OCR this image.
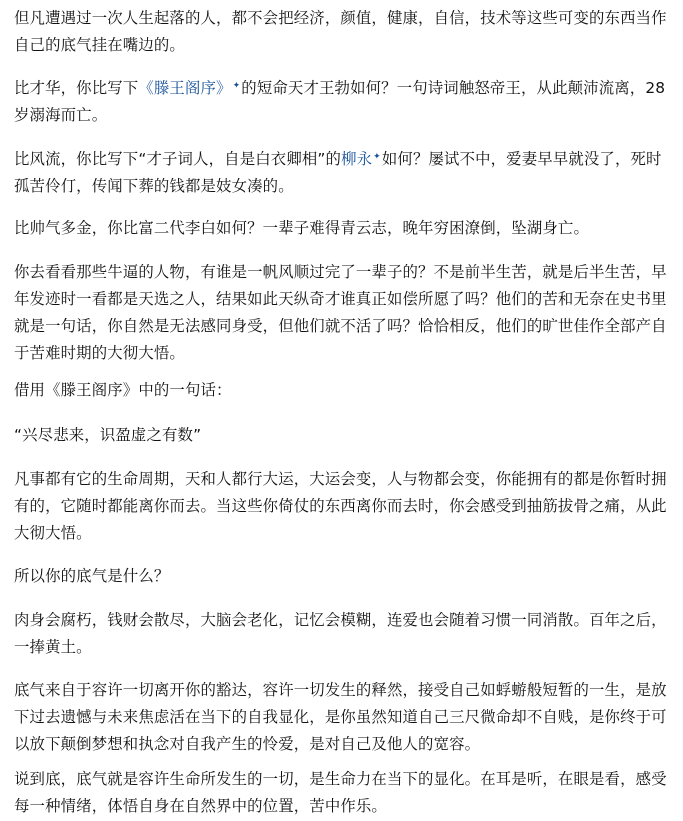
但凡遭遇过一次人生起落的人，都不会把经济，颜值，健康，自信，技术等这些可变的东西当作自己的底气挂在嘴边的。

比才华，你比写下《滕王阁序》✦的短命天才王勃如何？一句诗词触怒帝王，从此颠沛流离，28岁溺海而亡。

比风流，你比写下“才子词人，自是白衣卿相”的柳永✦如何？屡试不中，爱妻早早就没了，死时孤苦伶仃，传闻下葬的钱都是妓女凑的。

比帅气多金，你比富二代李白如何？一辈子难得青云志，晚年穷困潦倒，坠湖身亡。

你去看看那些牛逼的人物，有谁是一帆风顺过完了一辈子的？不是前半生苦，就是后半生苦，早年发迹时一看都是天选之人，结果如此天纵奇才谁真正如偿所愿了吗？他们的苦和无奈在史书里就是一句话，你自然是无法感同身受，但他们就不活了吗？恰恰相反，他们的旷世佳作全部产自于苦难时期的大彻大悟。

借用《滕王阁序》中的一句话：

“兴尽悲来，识盈虚之有数”

凡事都有它的生命周期，天和人都行大运，大运会变，人与物都会变，你能拥有的都是你暂时拥有的，它随时都能离你而去。当这些你倚仗的东西离你而去时，你会感受到抽筋拔骨之痛，从此大彻大悟。

所以你的底气是什么？

肉身会腐朽，钱财会散尽，大脑会老化，记忆会模糊，连爱也会随着习惯一同消散。百年之后，一捧黄土。

底气来自于容许一切离开你的豁达，容许一切发生的释然，接受自己如蜉蝣般短暂的一生，是放下过去遗憾与未来焦虑活在当下的自我显化，是你虽然知道自己三尺微命却不自贱，是你终于可以放下颠倒梦想和执念对自我产生的怜爱，是对自己及他人的宽容。

说到底，底气就是容许生命所发生的一切，是生命力在当下的显化。在耳是听，在眼是看，感受每一种情绪，体悟自身在自然界中的位置，苦中作乐。
